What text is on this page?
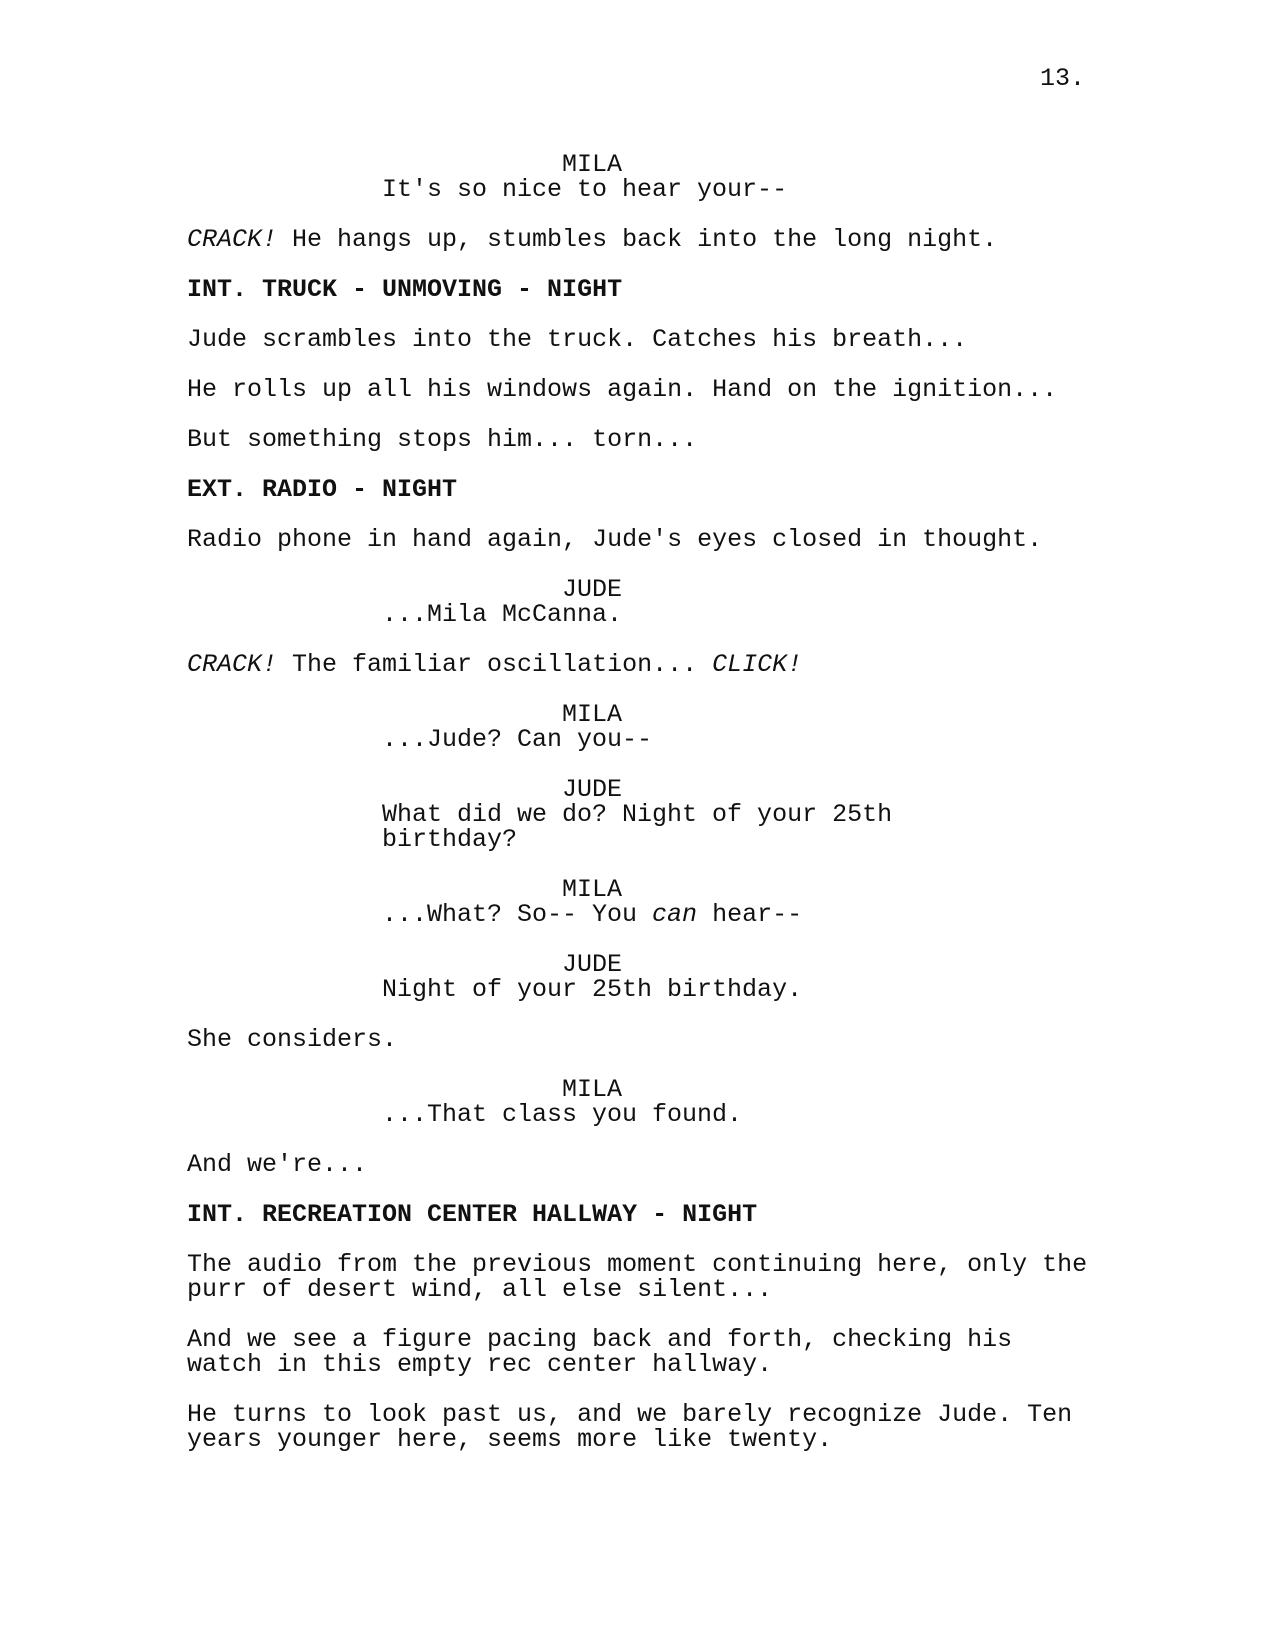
13.
MILA
It's so nice to hear your--
CRACK! He hangs up, stumbles back into the long night.
INT. TRUCK - UNMOVING - NIGHT
Jude scrambles into the truck. Catches his breath...
He rolls up all his windows again. Hand on the ignition...
But something stops him... torn...
EXT. RADIO - NIGHT
Radio phone in hand again, Jude's eyes closed in thought.
JUDE
...Mila McCanna.
CRACK! The familiar oscillation... CLICK!
MILA
...Jude? Can you--
JUDE
What did we do? Night of your 25th
birthday?
MILA
...What? So-- You can hear--
JUDE
Night of your 25th birthday.
She considers.
MILA
...That class you found.
And we're...
INT. RECREATION CENTER HALLWAY - NIGHT
The audio from the previous moment continuing here, only the
purr of desert wind, all else silent...
And we see a figure pacing back and forth, checking his
watch in this empty rec center hallway.
He turns to look past us, and we barely recognize Jude. Ten
years younger here, seems more like twenty.
